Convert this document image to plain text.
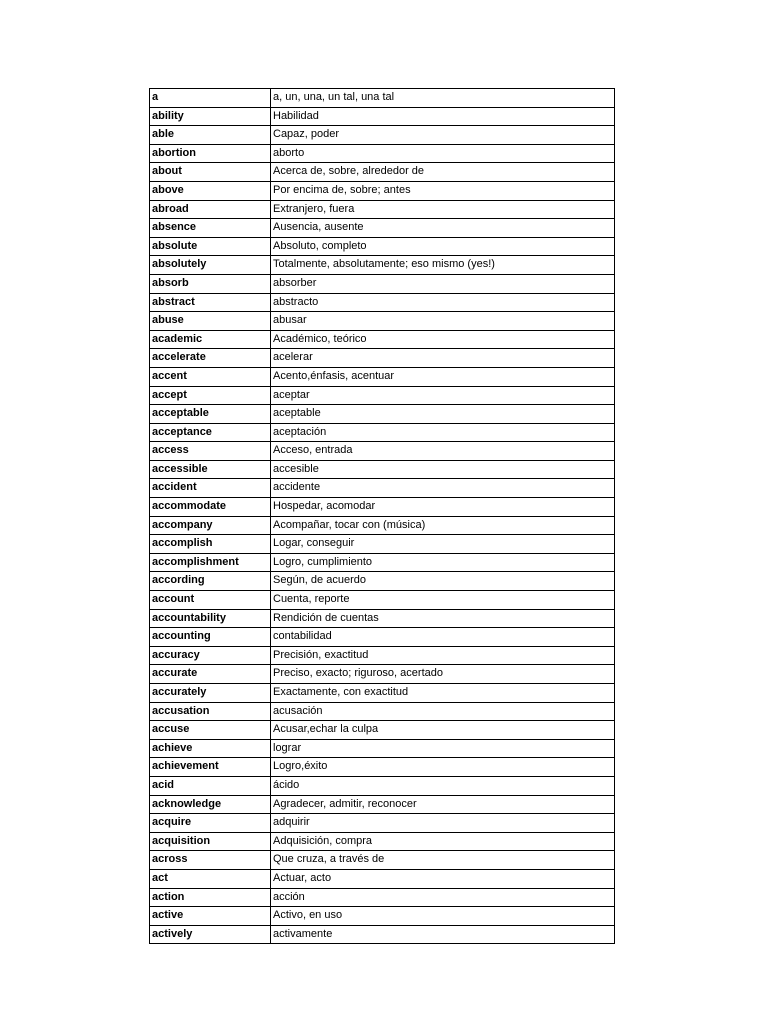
a	a, un, una, un tal, una tal
ability	Habilidad
able	Capaz, poder
abortion	aborto
about	Acerca de, sobre, alrededor de
above	Por encima de, sobre; antes
abroad	Extranjero, fuera
absence	Ausencia, ausente
absolute	Absoluto, completo
absolutely	Totalmente, absolutamente; eso mismo (yes!)
absorb	absorber
abstract	abstracto
abuse	abusar
academic	Académico, teórico
accelerate	acelerar
accent	Acento,énfasis, acentuar
accept	aceptar
acceptable	aceptable
acceptance	aceptación
access	Acceso, entrada
accessible	accesible
accident	accidente
accommodate	Hospedar, acomodar
accompany	Acompañar, tocar con (música)
accomplish	Logar, conseguir
accomplishment	Logro, cumplimiento
according	Según, de acuerdo
account	Cuenta, reporte
accountability	Rendición de cuentas
accounting	contabilidad
accuracy	Precisión, exactitud
accurate	Preciso, exacto; riguroso, acertado
accurately	Exactamente, con exactitud
accusation	acusación
accuse	Acusar,echar la culpa
achieve	lograr
achievement	Logro,éxito
acid	ácido
acknowledge	Agradecer, admitir, reconocer
acquire	adquirir
acquisition	Adquisición, compra
across	Que cruza, a través de
act	Actuar, acto
action	acción
active	Activo, en uso
actively	activamente
